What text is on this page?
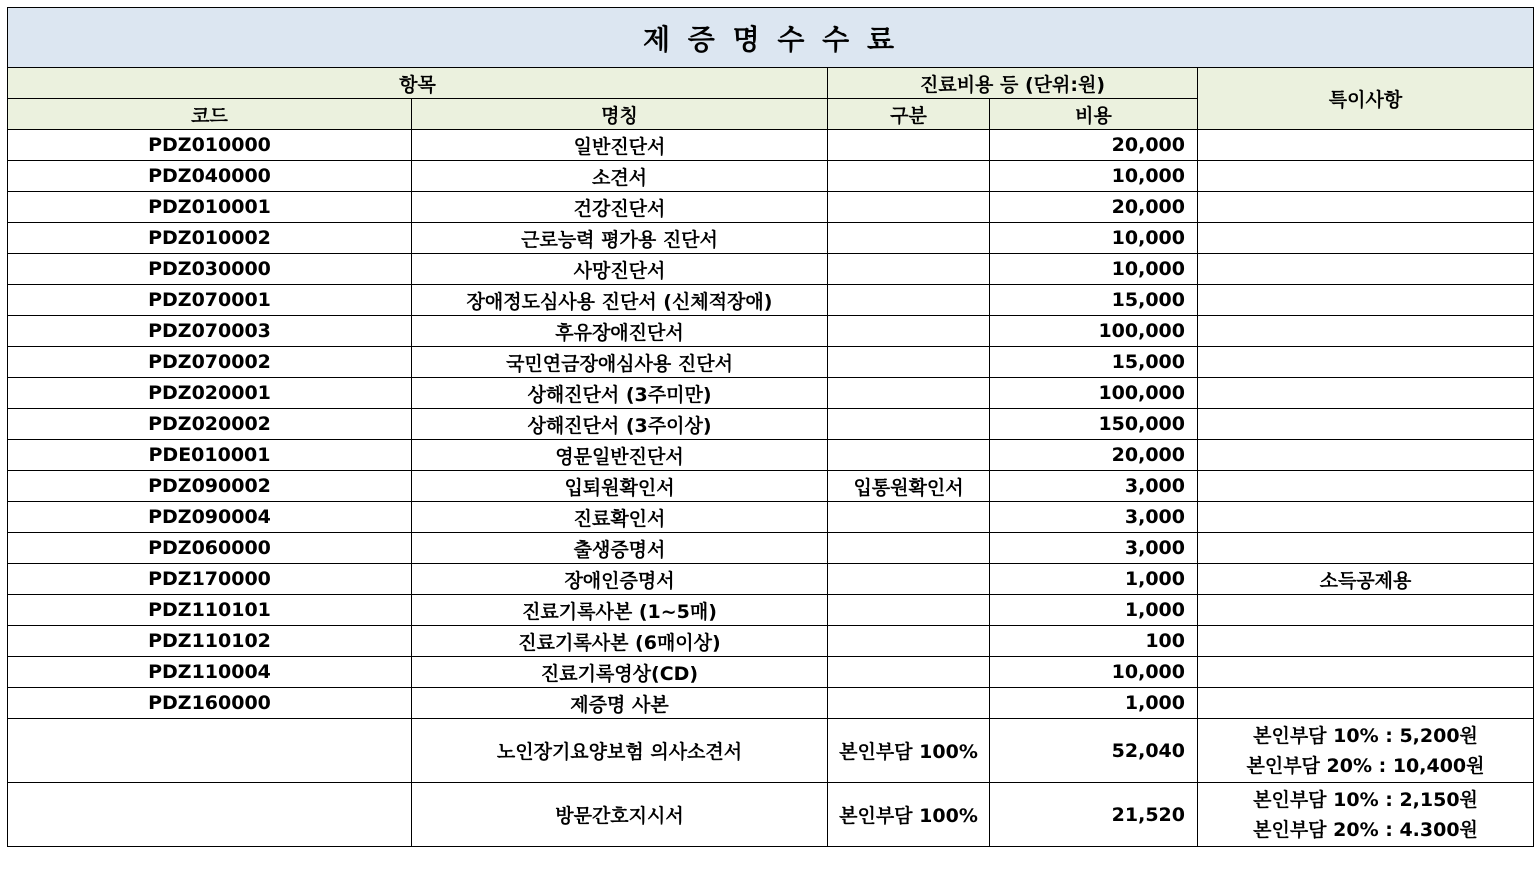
제 증 명 수 수 료				
항목		진료비용 등 (단위:원)		특이사항
코드	명칭	구분	비용	
PDZ010000	일반진단서		20,000	
PDZ040000	소견서		10,000	
PDZ010001	건강진단서		20,000	
PDZ010002	근로능력 평가용 진단서		10,000	
PDZ030000	사망진단서		10,000	
PDZ070001	장애정도심사용 진단서 (신체적장애)		15,000	
PDZ070003	후유장애진단서		100,000	
PDZ070002	국민연금장애심사용 진단서		15,000	
PDZ020001	상해진단서 (3주미만)		100,000	
PDZ020002	상해진단서 (3주이상)		150,000	
PDE010001	영문일반진단서		20,000	
PDZ090002	입퇴원확인서	입통원확인서	3,000	
PDZ090004	진료확인서		3,000	
PDZ060000	출생증명서		3,000	
PDZ170000	장애인증명서		1,000	소득공제용
PDZ110101	진료기록사본 (1~5매)		1,000	
PDZ110102	진료기록사본 (6매이상)		100	
PDZ110004	진료기록영상(CD)		10,000	
PDZ160000	제증명 사본		1,000	
	노인장기요양보험 의사소견서	본인부담 100%	52,040	본인부담 10% : 5,200원
본인부담 20% : 10,400원

	방문간호지시서	본인부담 100%	21,520	본인부담 10% : 2,150원
본인부담 20% : 4.300원
